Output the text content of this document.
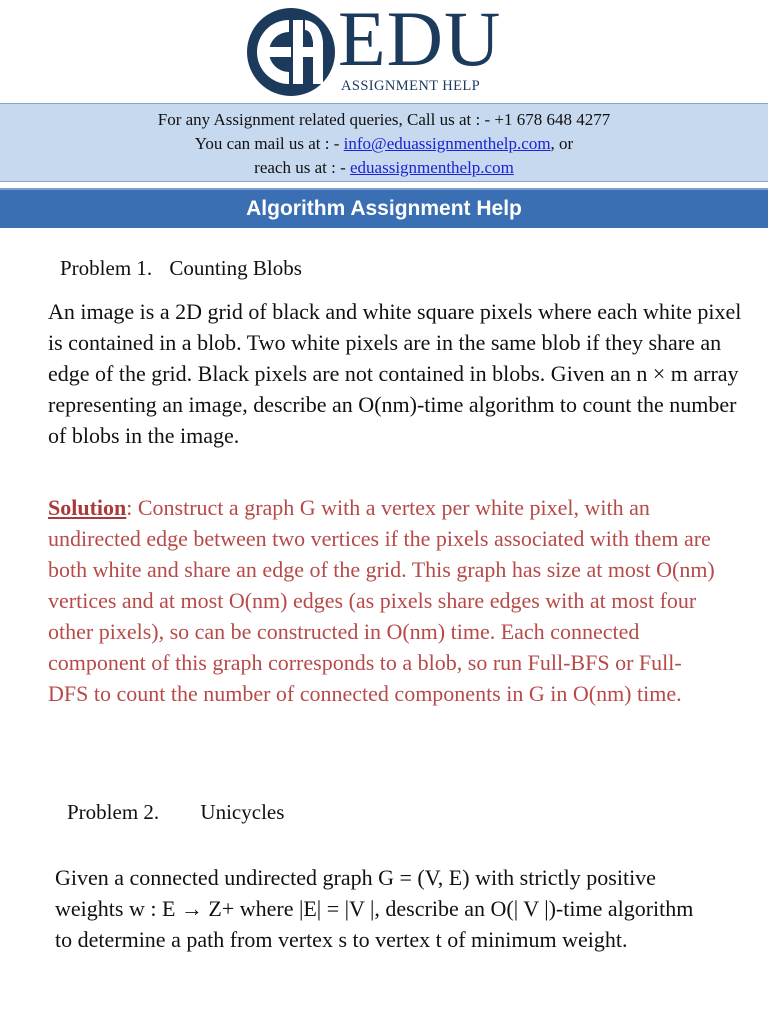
EDU
ASSIGNMENT HELP
For any Assignment related queries, Call us at : - +1 678 648 4277
You can mail us at : - info@eduassignmenthelp.com, or
reach us at : - eduassignmenthelp.com
Algorithm Assignment Help
Problem 1. Counting Blobs

An image is a 2D grid of black and white square pixels where each white pixel is contained in a blob. Two white pixels are in the same blob if they share an edge of the grid. Black pixels are not contained in blobs. Given an n × m array representing an image, describe an O(nm)-time algorithm to count the number of blobs in the image.

Solution: Construct a graph G with a vertex per white pixel, with an undirected edge between two vertices if the pixels associated with them are both white and share an edge of the grid. This graph has size at most O(nm) vertices and at most O(nm) edges (as pixels share edges with at most four other pixels), so can be constructed in O(nm) time. Each connected component of this graph corresponds to a blob, so run Full-BFS or Full-DFS to count the number of connected components in G in O(nm) time.

Problem 2. Unicycles

Given a connected undirected graph G = (V, E) with strictly positive weights w : E → Z+ where |E| = |V |, describe an O(| V |)-time algorithm to determine a path from vertex s to vertex t of minimum weight.
